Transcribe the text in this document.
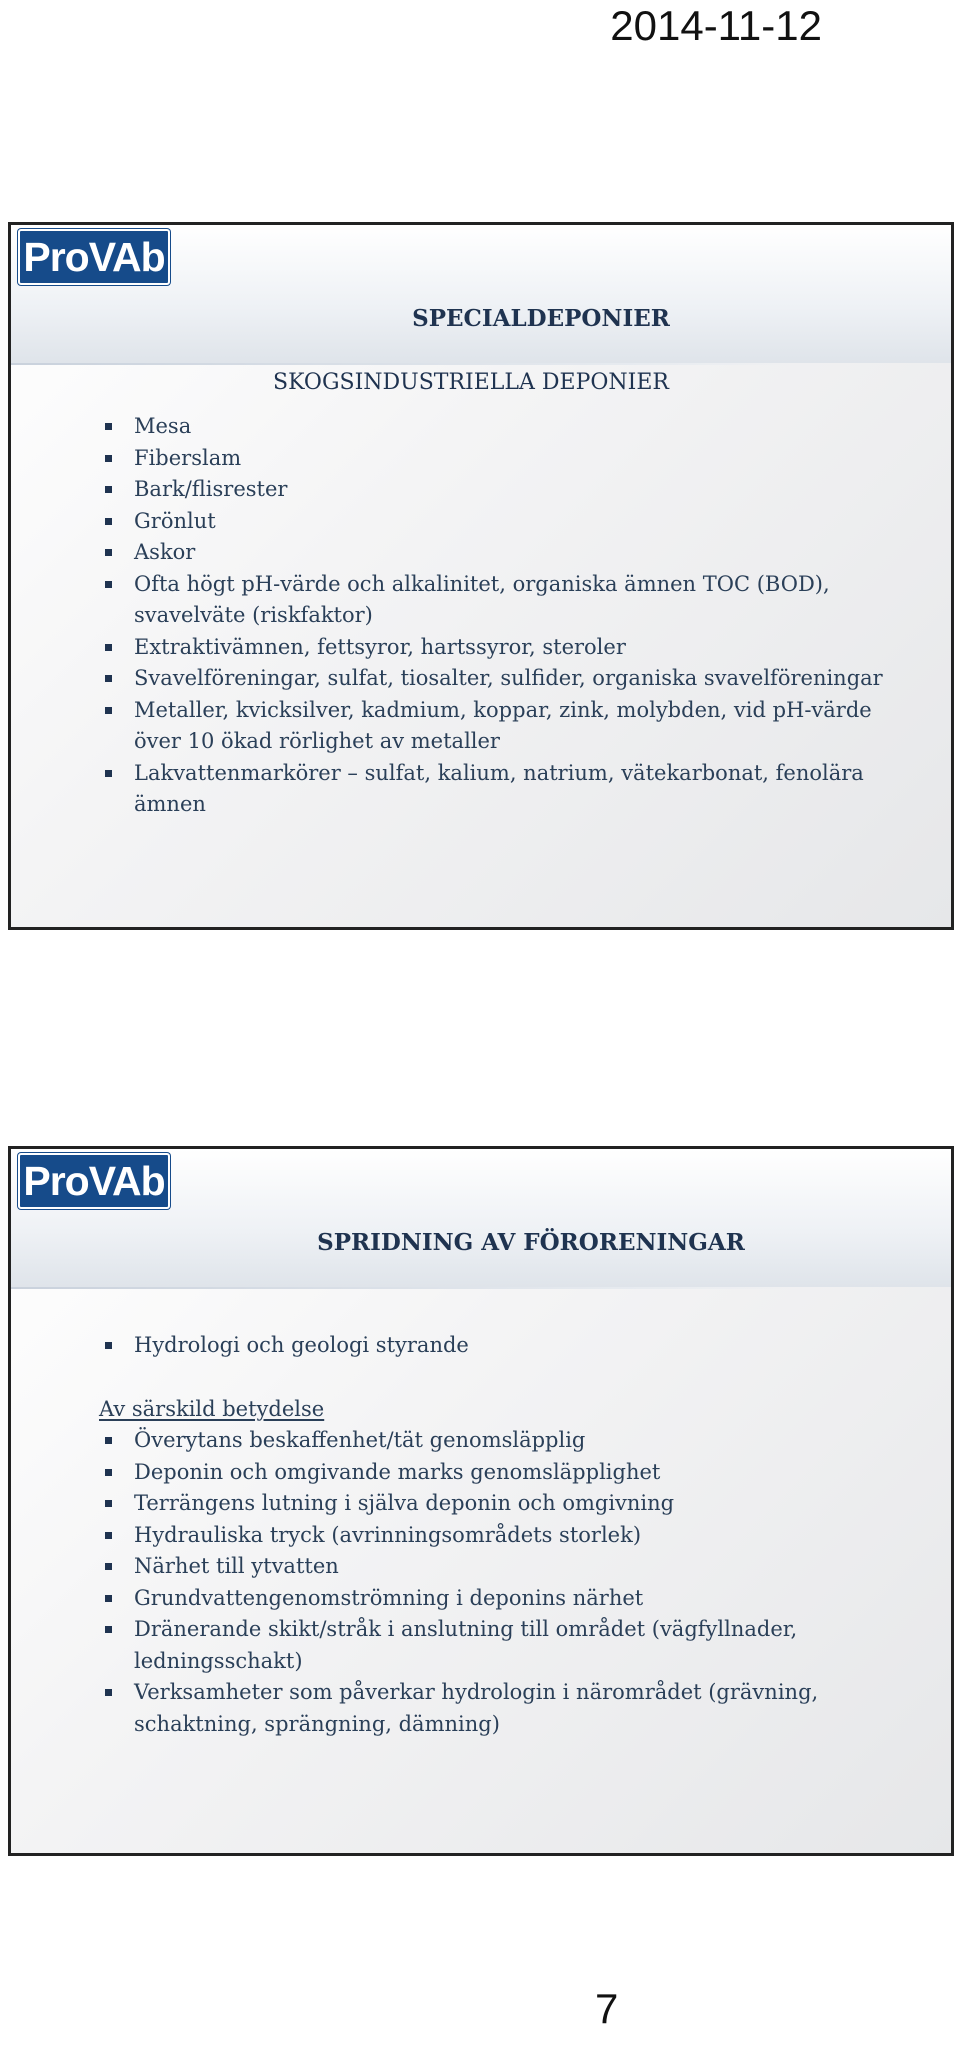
2014-11-12
ProVAb
SPECIALDEPONIER
SKOGSINDUSTRIELLA DEPONIER
Mesa
Fiberslam
Bark/flisrester
Grönlut
Askor
Ofta högt pH-värde och alkalinitet, organiska ämnen TOC (BOD), svavelväte (riskfaktor)
Extraktivämnen, fettsyror, hartssyror, steroler
Svavelföreningar, sulfat, tiosalter, sulfider, organiska svavelföreningar
Metaller, kvicksilver, kadmium, koppar, zink, molybden, vid pH-värde över 10 ökad rörlighet av metaller
Lakvattenmarkörer – sulfat, kalium, natrium, vätekarbonat, fenolära ämnen
ProVAb
SPRIDNING AV FÖRORENINGAR
Hydrologi och geologi styrande
Av särskild betydelse
Överytans beskaffenhet/tät genomsläpplig
Deponin och omgivande marks genomsläpplighet
Terrängens lutning i själva deponin och omgivning
Hydrauliska tryck (avrinningsområdets storlek)
Närhet till ytvatten
Grundvattengenomströmning i deponins närhet
Dränerande skikt/stråk i anslutning till området (vägfyllnader, ledningsschakt)
Verksamheter som påverkar hydrologin i närområdet (grävning, schaktning, sprängning, dämning)
7
